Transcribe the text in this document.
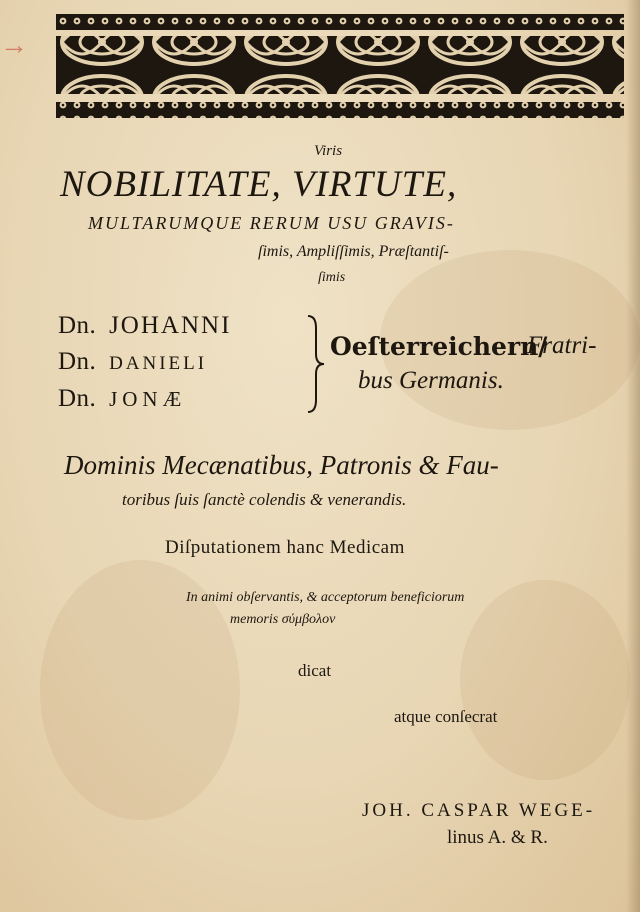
→
Viris
NOBILITATE, VIRTUTE,
MULTARUMQUE RERUM USU GRAVIS-
ſimis, Ampliſſimis, Præſtantiſ-
ſimis
Dn. JOHANNI
Dn. DANIELI
Dn. JONÆ
Oeſterreichern/
Fratri-
bus Germanis.
Dominis Mecænatibus, Patronis & Fau-
toribus ſuis ſanctè colendis & venerandis.
Diſputationem hanc Medicam
In animi obſervantis, & acceptorum beneficiorum
memoris σύμβολον
dicat
atque conſecrat
JOH. CASPAR WEGE-
linus A. & R.
